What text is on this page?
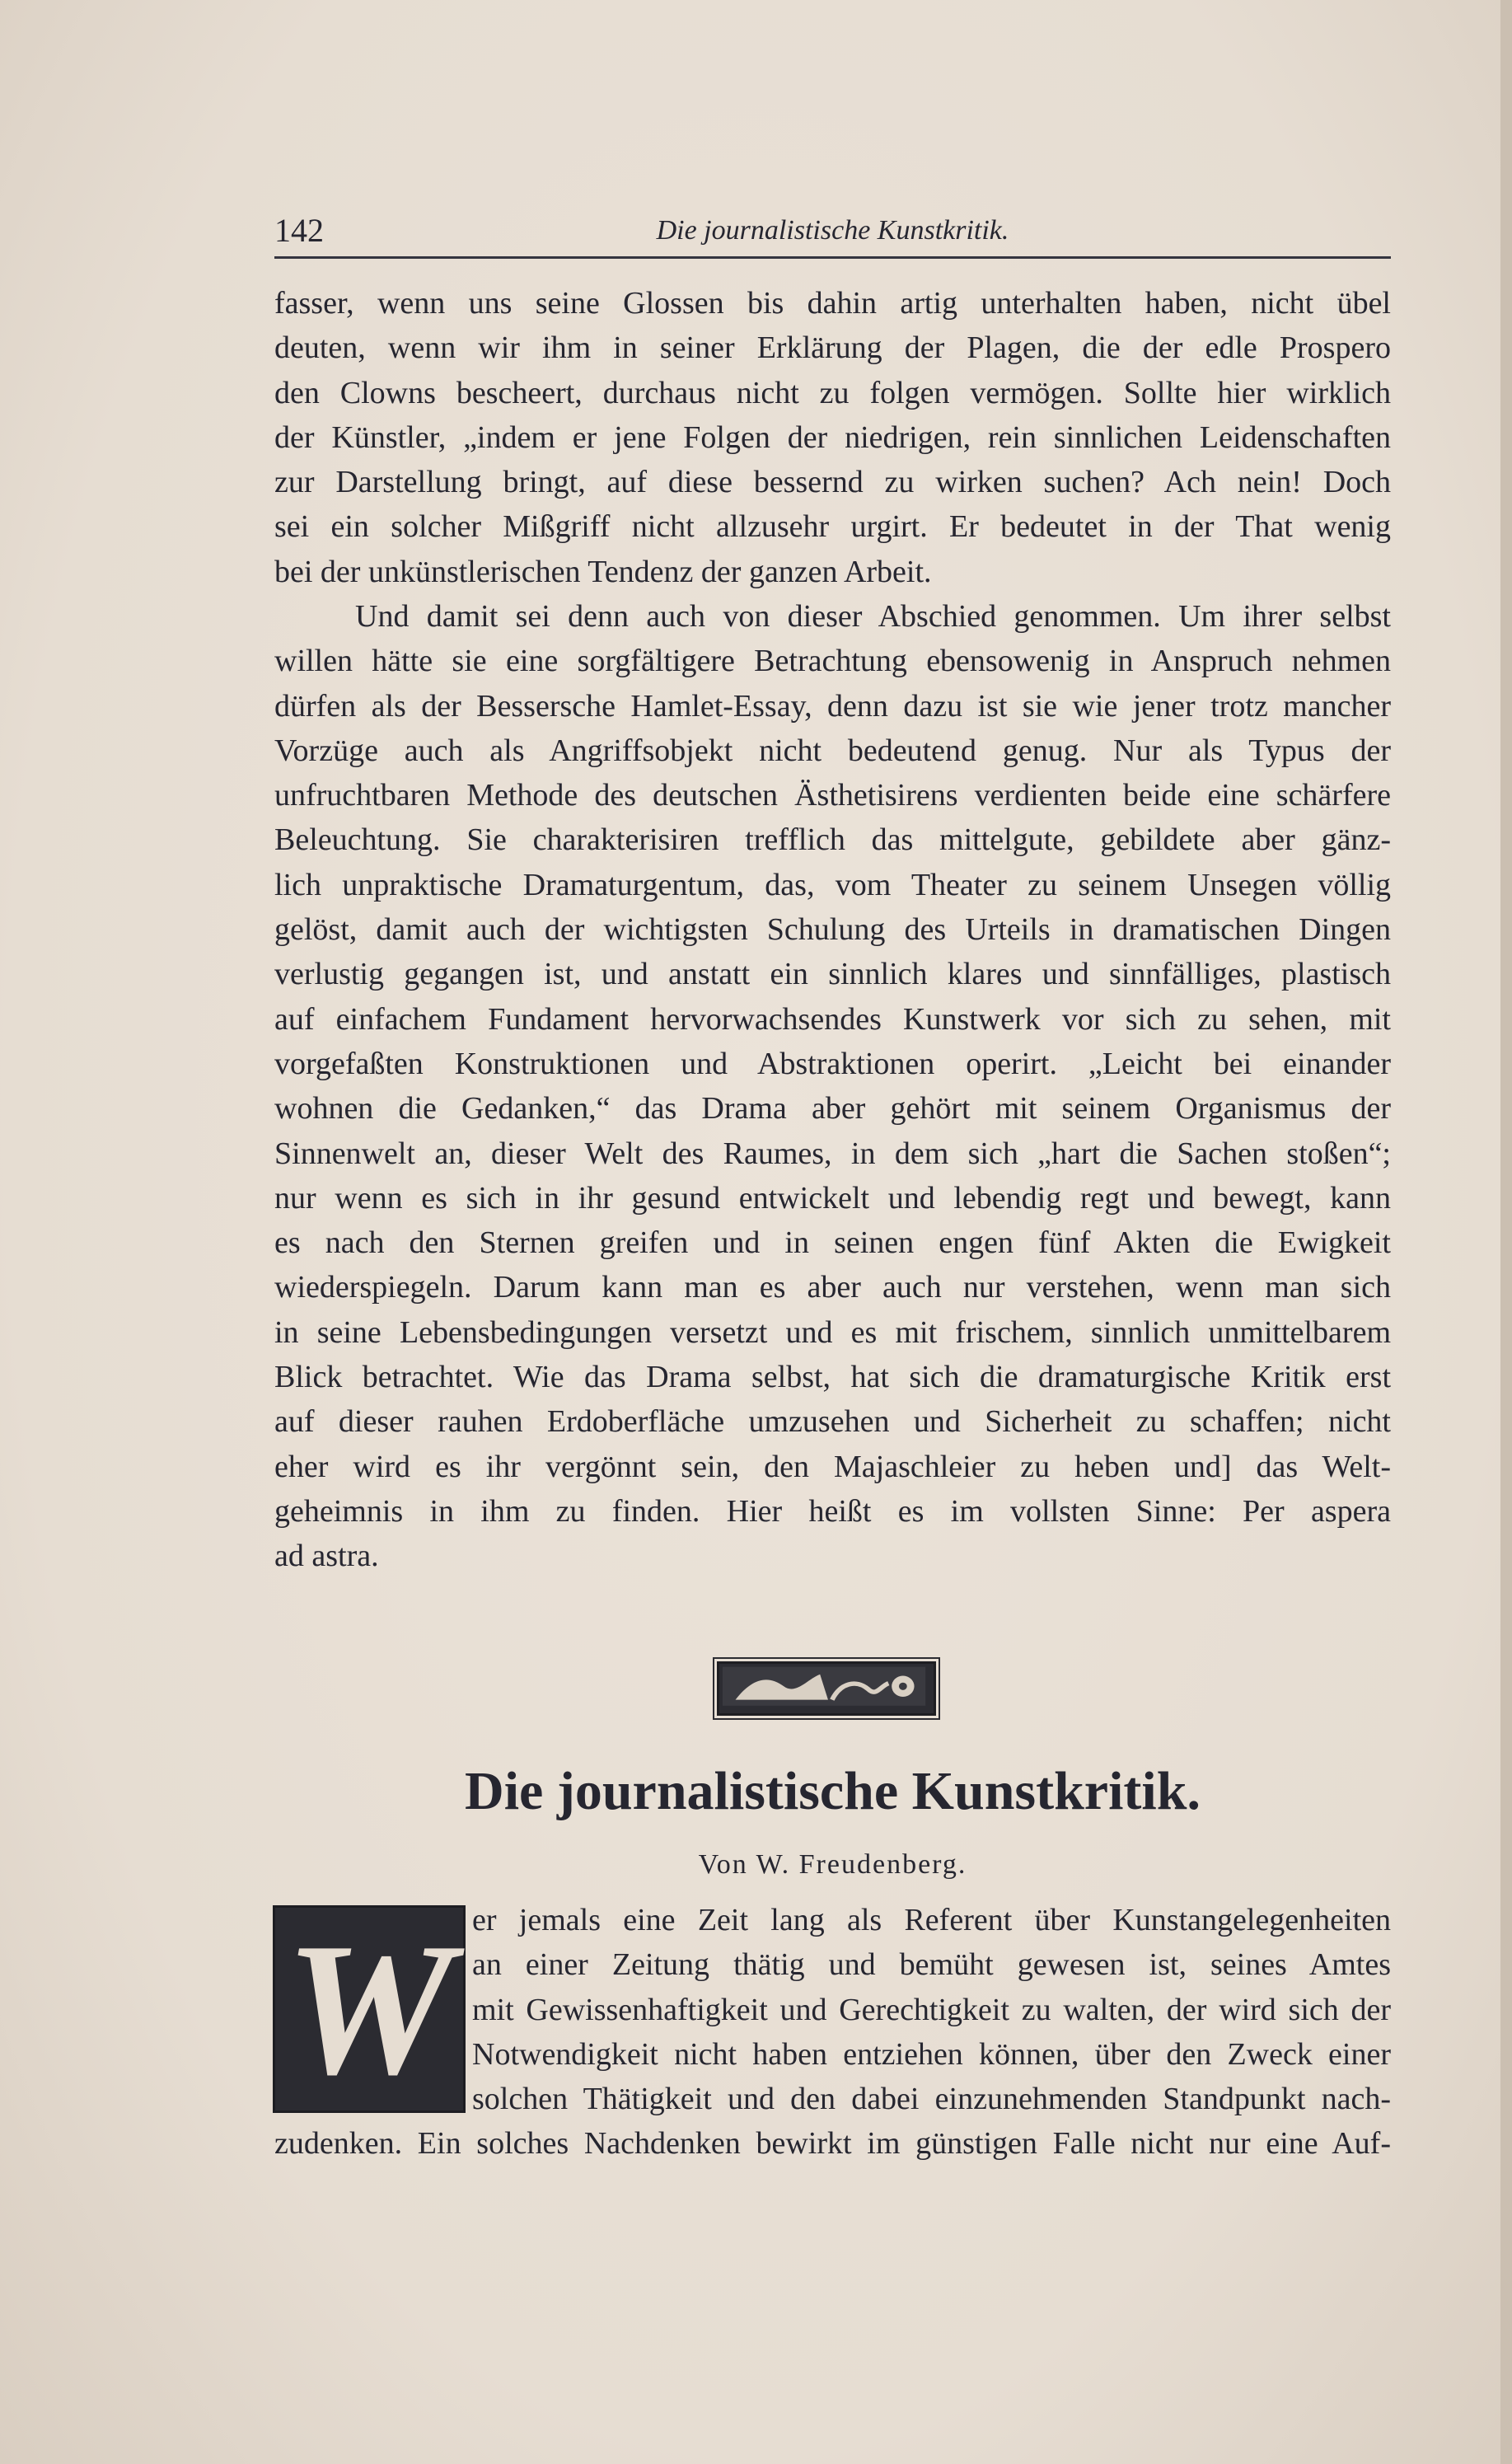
142	Die journalistische Kunstkritik.
fasser, wenn uns seine Glossen bis dahin artig unterhalten haben, nicht übel
deuten, wenn wir ihm in seiner Erklärung der Plagen, die der edle Prospero
den Clowns bescheert, durchaus nicht zu folgen vermögen. Sollte hier wirklich
der Künstler, „indem er jene Folgen der niedrigen, rein sinnlichen Leidenschaften
zur Darstellung bringt, auf diese bessernd zu wirken suchen? Ach nein! Doch
sei ein solcher Mißgriff nicht allzusehr urgirt. Er bedeutet in der That wenig
bei der unkünstlerischen Tendenz der ganzen Arbeit.
Und damit sei denn auch von dieser Abschied genommen. Um ihrer selbst
willen hätte sie eine sorgfältigere Betrachtung ebensowenig in Anspruch nehmen
dürfen als der Bessersche Hamlet-Essay, denn dazu ist sie wie jener trotz mancher
Vorzüge auch als Angriffsobjekt nicht bedeutend genug. Nur als Typus der
unfruchtbaren Methode des deutschen Ästhetisirens verdienten beide eine schärfere
Beleuchtung. Sie charakterisiren trefflich das mittelgute, gebildete aber gänz-
lich unpraktische Dramaturgentum, das, vom Theater zu seinem Unsegen völlig
gelöst, damit auch der wichtigsten Schulung des Urteils in dramatischen Dingen
verlustig gegangen ist, und anstatt ein sinnlich klares und sinnfälliges, plastisch
auf einfachem Fundament hervorwachsendes Kunstwerk vor sich zu sehen, mit
vorgefaßten Konstruktionen und Abstraktionen operirt. „Leicht bei einander
wohnen die Gedanken,“ das Drama aber gehört mit seinem Organismus der
Sinnenwelt an, dieser Welt des Raumes, in dem sich „hart die Sachen stoßen“;
nur wenn es sich in ihr gesund entwickelt und lebendig regt und bewegt, kann
es nach den Sternen greifen und in seinen engen fünf Akten die Ewigkeit
wiederspiegeln. Darum kann man es aber auch nur verstehen, wenn man sich
in seine Lebensbedingungen versetzt und es mit frischem, sinnlich unmittelbarem
Blick betrachtet. Wie das Drama selbst, hat sich die dramaturgische Kritik erst
auf dieser rauhen Erdoberfläche umzusehen und Sicherheit zu schaffen; nicht
eher wird es ihr vergönnt sein, den Majaschleier zu heben und] das Welt-
geheimnis in ihm zu finden. Hier heißt es im vollsten Sinne: Per aspera
ad astra.
Die journalistische Kunstkritik.
Von W. Freudenberg.
W er jemals eine Zeit lang als Referent über Kunstangelegenheiten
an einer Zeitung thätig und bemüht gewesen ist, seines Amtes
mit Gewissenhaftigkeit und Gerechtigkeit zu walten, der wird sich der
Notwendigkeit nicht haben entziehen können, über den Zweck einer
solchen Thätigkeit und den dabei einzunehmenden Standpunkt nach-
zudenken. Ein solches Nachdenken bewirkt im günstigen Falle nicht nur eine Auf-
